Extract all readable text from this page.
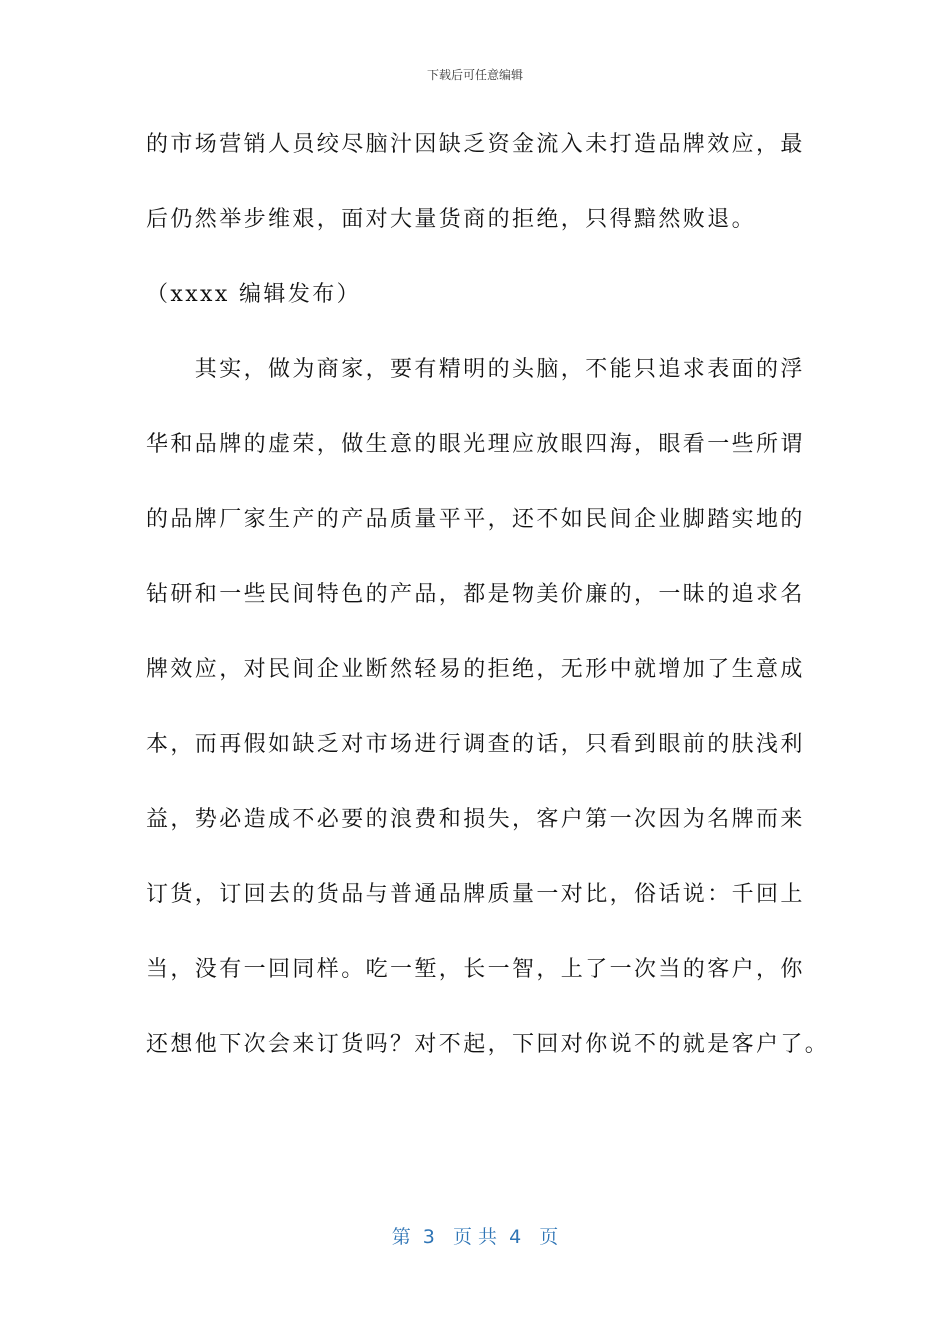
下载后可任意编辑
的市场营销人员绞尽脑汁因缺乏资金流入未打造品牌效应，最
后仍然举步维艰，面对大量货商的拒绝，只得黯然败退。
（xxxx 编辑发布）
　　其实，做为商家，要有精明的头脑，不能只追求表面的浮
华和品牌的虚荣，做生意的眼光理应放眼四海，眼看一些所谓
的品牌厂家生产的产品质量平平，还不如民间企业脚踏实地的
钻研和一些民间特色的产品，都是物美价廉的，一昧的追求名
牌效应，对民间企业断然轻易的拒绝，无形中就增加了生意成
本，而再假如缺乏对市场进行调查的话，只看到眼前的肤浅利
益，势必造成不必要的浪费和损失，客户第一次因为名牌而来
订货，订回去的货品与普通品牌质量一对比，俗话说：千回上
当，没有一回同样。吃一堑，长一智，上了一次当的客户，你
还想他下次会来订货吗？对不起，下回对你说不的就是客户了。
第  3   页 共  4   页
